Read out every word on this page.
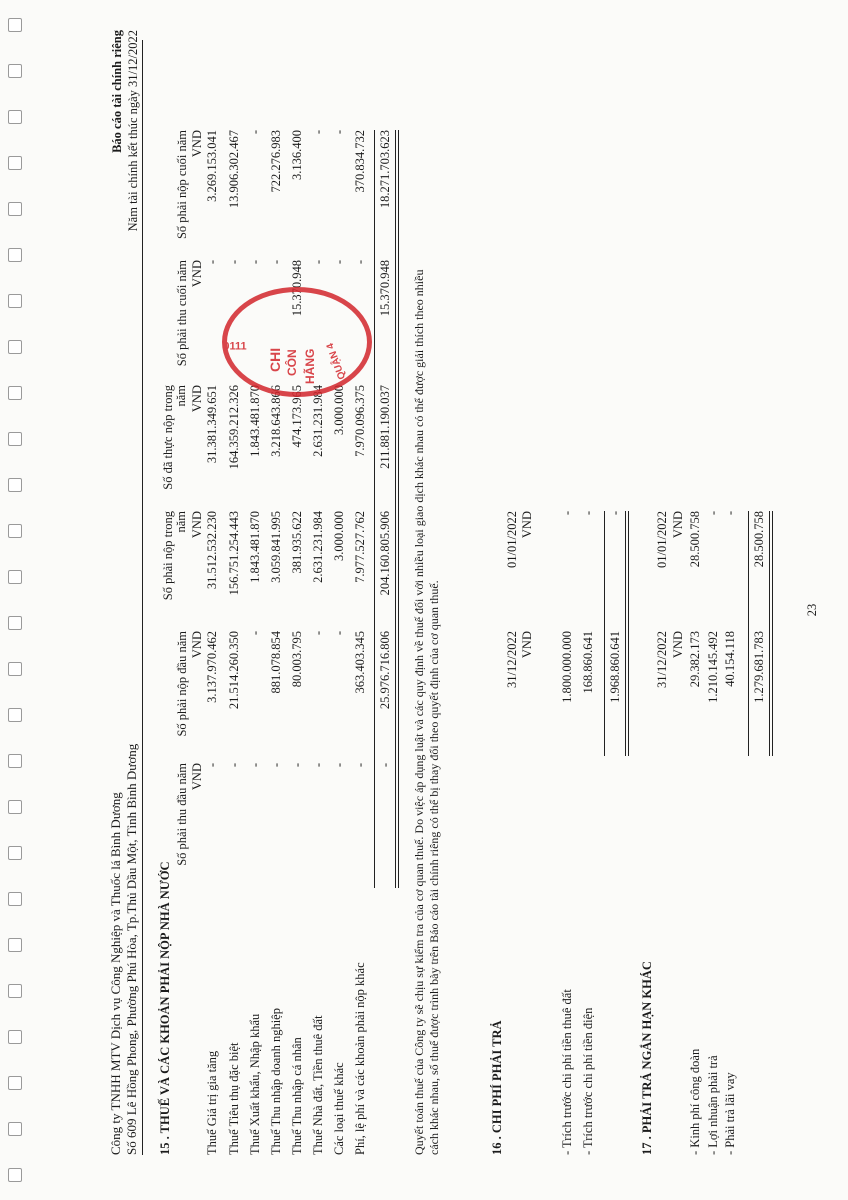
Công ty TNHH MTV Dịch vụ Công Nghiệp và Thuốc lá Bình Dương Số 609 Lê Hồng Phong, Phường Phú Hòa, Tp.Thủ Dầu Một, Tỉnh Bình Dương
Báo cáo tài chính riêng Năm tài chính kết thúc ngày 31/12/2022
15 . THUẾ VÀ CÁC KHOẢN PHẢI NỘP NHÀ NƯỚC
Số phải thu đầu năm
Số phải nộp đầu năm
Số phải nộp trong năm
Số đã thực nộp trong năm
Số phải thu cuối năm
Số phải nộp cuối năm
VND
VND
VND
VND
VND
VND
Thuế Giá trị gia tăng
-
3.137.970.462
31.512.532.230
31.381.349.651
-
3.269.153.041
Thuế Tiêu thụ đặc biệt
-
21.514.260.350
156.751.254.443
164.359.212.326
-
13.906.302.467
Thuế Xuất khẩu, Nhập khẩu
-
-
1.843.481.870
1.843.481.870
-
-
Thuế Thu nhập doanh nghiệp
-
881.078.854
3.059.841.995
3.218.643.866
-
722.276.983
Thuế Thu nhập cá nhân
-
80.003.795
381.935.622
474.173.965
15.370.948
3.136.400
Thuế Nhà đất, Tiền thuê đất
-
-
2.631.231.984
2.631.231.984
-
-
Các loại thuế khác
-
-
3.000.000
3.000.000
-
-
Phí, lệ phí và các khoản phải nộp khác
-
363.403.345
7.977.527.762
7.970.096.375
-
370.834.732
-
25.976.716.806
204.160.805.906
211.881.190.037
15.370.948
18.271.703.623
Quyết toán thuế của Công ty sẽ chịu sự kiểm tra của cơ quan thuế. Do việc áp dụng luật và các quy định về thuế đối với nhiều loại giao dịch khác nhau có thể được giải thích theo nhiều cách khác nhau, số thuế được trình bày trên Báo cáo tài chính riêng có thể bị thay đổi theo quyết định của cơ quan thuế.	16 . CHI PHÍ PHẢI TRẢ
31/12/2022
01/01/2022
VND
VND
- Trích trước chi phí tiền thuê đất
1.800.000.000
-
- Trích trước chi phí tiền điện
168.860.641
-
1.968.860.641
-
17 . PHẢI TRẢ NGẮN HẠN KHÁC
31/12/2022
01/01/2022
VND
VND
- Kinh phí công đoàn
29.382.173
28.500.758
- Lợi nhuận phải trả
1.210.145.492
-
- Phải trả lãi vay
40.154.118
-
1.279.681.783
28.500.758
23
0111
CHI CÔN HÃNG QUẬN 4
